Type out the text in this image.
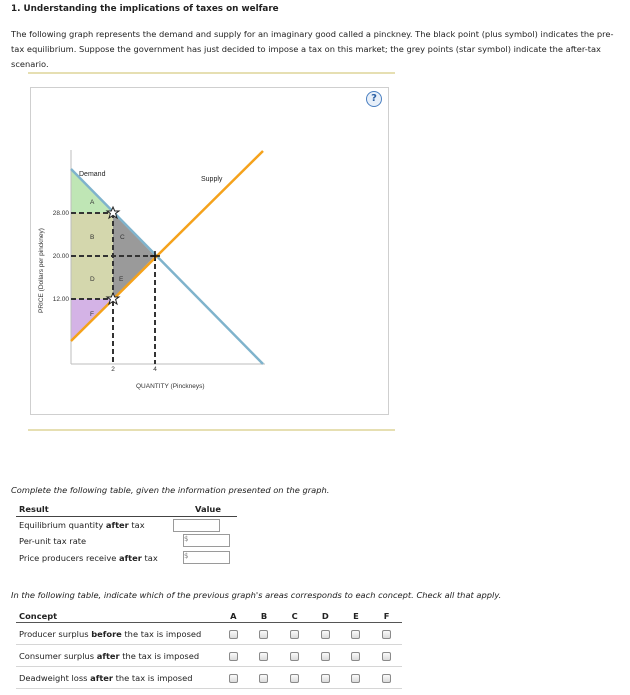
1. Understanding the implications of taxes on welfare
The following graph represents the demand and supply for an imaginary good called a pinckney. The black point (plus symbol) indicates the pre-tax equilibrium. Suppose the government has just decided to impose a tax on this market; the grey points (star symbol) indicate the after-tax scenario.
?
Demand
Supply
A
B	C
D	E
F
28.00
20.00
12.00
2	4
PRICE (Dollars per pinckney)
QUANTITY (Pinckneys)
Complete the following table, given the information presented on the graph.
Result	Value
Equilibrium quantity after tax	
Per-unit tax rate	$

Price producers receive after tax	$
In the following table, indicate which of the previous graph's areas corresponds to each concept. Check all that apply.
Concept	A	B	C	D	E	F
Producer surplus before the tax is imposed						
Consumer surplus after the tax is imposed						
Deadweight loss after the tax is imposed						
